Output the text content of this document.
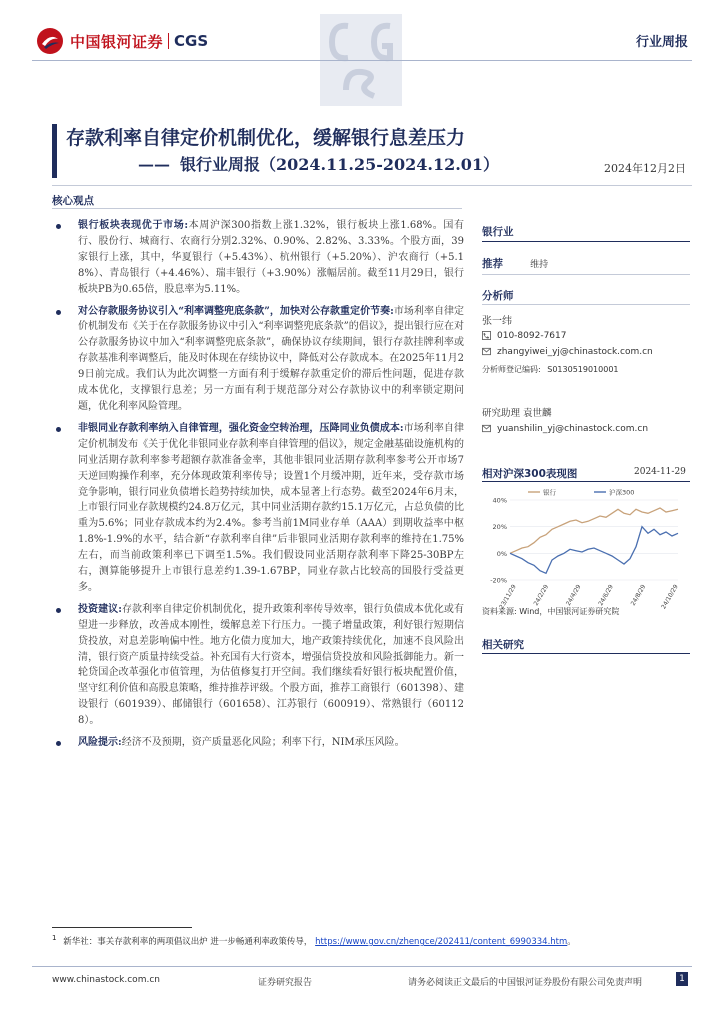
中国银河证券 CGS	行业周报
存款利率自律定价机制优化，缓解银行息差压力
—— 银行业周报（2024.11.25-2024.12.01）	2024年12月2日
核心观点
银行板块表现优于市场:本周沪深300指数上涨1.32%，银行板块上涨1.68%。国有行、股份行、城商行、农商行分别2.32%、0.90%、2.82%、3.33%。个股方面，39家银行上涨，其中，华夏银行（+5.43%）、杭州银行（+5.20%）、沪农商行（+5.18%）、青岛银行（+4.46%）、瑞丰银行（+3.90%）涨幅居前。截至11月29日，银行板块PB为0.65倍，股息率为5.11%。
对公存款服务协议引入“利率调整兜底条款”，加快对公存款重定价节奏:市场利率自律定价机制发布《关于在存款服务协议中引入“利率调整兜底条款”的倡议》，提出银行应在对公存款服务协议中加入“利率调整兜底条款”，确保协议存续期间，银行存款挂牌利率或存款基准利率调整后，能及时体现在存续协议中，降低对公存款成本。在2025年11月29日前完成。我们认为此次调整一方面有利于缓解存款重定价的滞后性问题，促进存款成本优化，支撑银行息差；另一方面有利于规范部分对公存款协议中的利率锁定期问题，优化利率风险管理。
非银同业存款利率纳入自律管理，强化资金空转治理，压降同业负债成本:市场利率自律定价机制发布《关于优化非银同业存款利率自律管理的倡议》，规定金融基础设施机构的同业活期存款利率参考超额存款准备金率，其他非银同业活期存款利率参考公开市场7天逆回购操作利率，充分体现政策利率传导；设置1个月缓冲期，近年来，受存款市场竞争影响，银行同业负债增长趋势持续加快，成本显著上行态势。截至2024年6月末，上市银行同业存款规模约24.8万亿元，其中同业活期存款约15.1万亿元，占总负债的比重为5.6%；同业存款成本约为2.4%。参考当前1M同业存单（AAA）到期收益率中枢1.8%-1.9%的水平，结合新“存款利率自律”后非银同业活期存款利率的维持在1.75%左右，而当前政策利率已下调至1.5%。我们假设同业活期存款利率下降25-30BP左右，测算能够提升上市银行息差约1.39-1.67BP，同业存款占比较高的国股行受益更多。
投资建议:存款利率自律定价机制优化，提升政策利率传导效率，银行负债成本优化或有望进一步释放，改善成本刚性，缓解息差下行压力。一揽子增量政策，利好银行短期信贷投放，对息差影响偏中性。地方化债力度加大，地产政策持续优化，加速不良风险出清，银行资产质量持续受益。补充国有大行资本，增强信贷投放和风险抵御能力。新一轮贷国企改革强化市值管理，为估值修复打开空间。我们继续看好银行板块配置价值，坚守红利价值和高股息策略，维持推荐评级。个股方面，推荐工商银行（601398）、建设银行（601939）、邮储银行（601658）、江苏银行（600919）、常熟银行（601128）。
风险提示:经济不及预期，资产质量恶化风险；利率下行，NIM承压风险。
银行业
推荐	维持
分析师
张一纬
010-8092-7617
zhangyiwei_yj@chinastock.com.cn
分析师登记编码: S0130519010001
研究助理 袁世麟
yuanshilin_yj@chinastock.com.cn
相对沪深300表现图	2024-11-29
40%
20%
0%
-20%
23/11/29 24/2/29 24/4/29 24/6/29 24/8/29 24/10/29
银行	沪深300
资料来源: Wind，中国银河证券研究院
相关研究
$^1$ 新华社：事关存款利率的两项倡议出炉 进一步畅通利率政策传导， https://www.gov.cn/zhengce/202411/content_6990334.htm。
www.chinastock.com.cn	证券研究报告	请务必阅读正文最后的中国银河证券股份有限公司免责声明	1
